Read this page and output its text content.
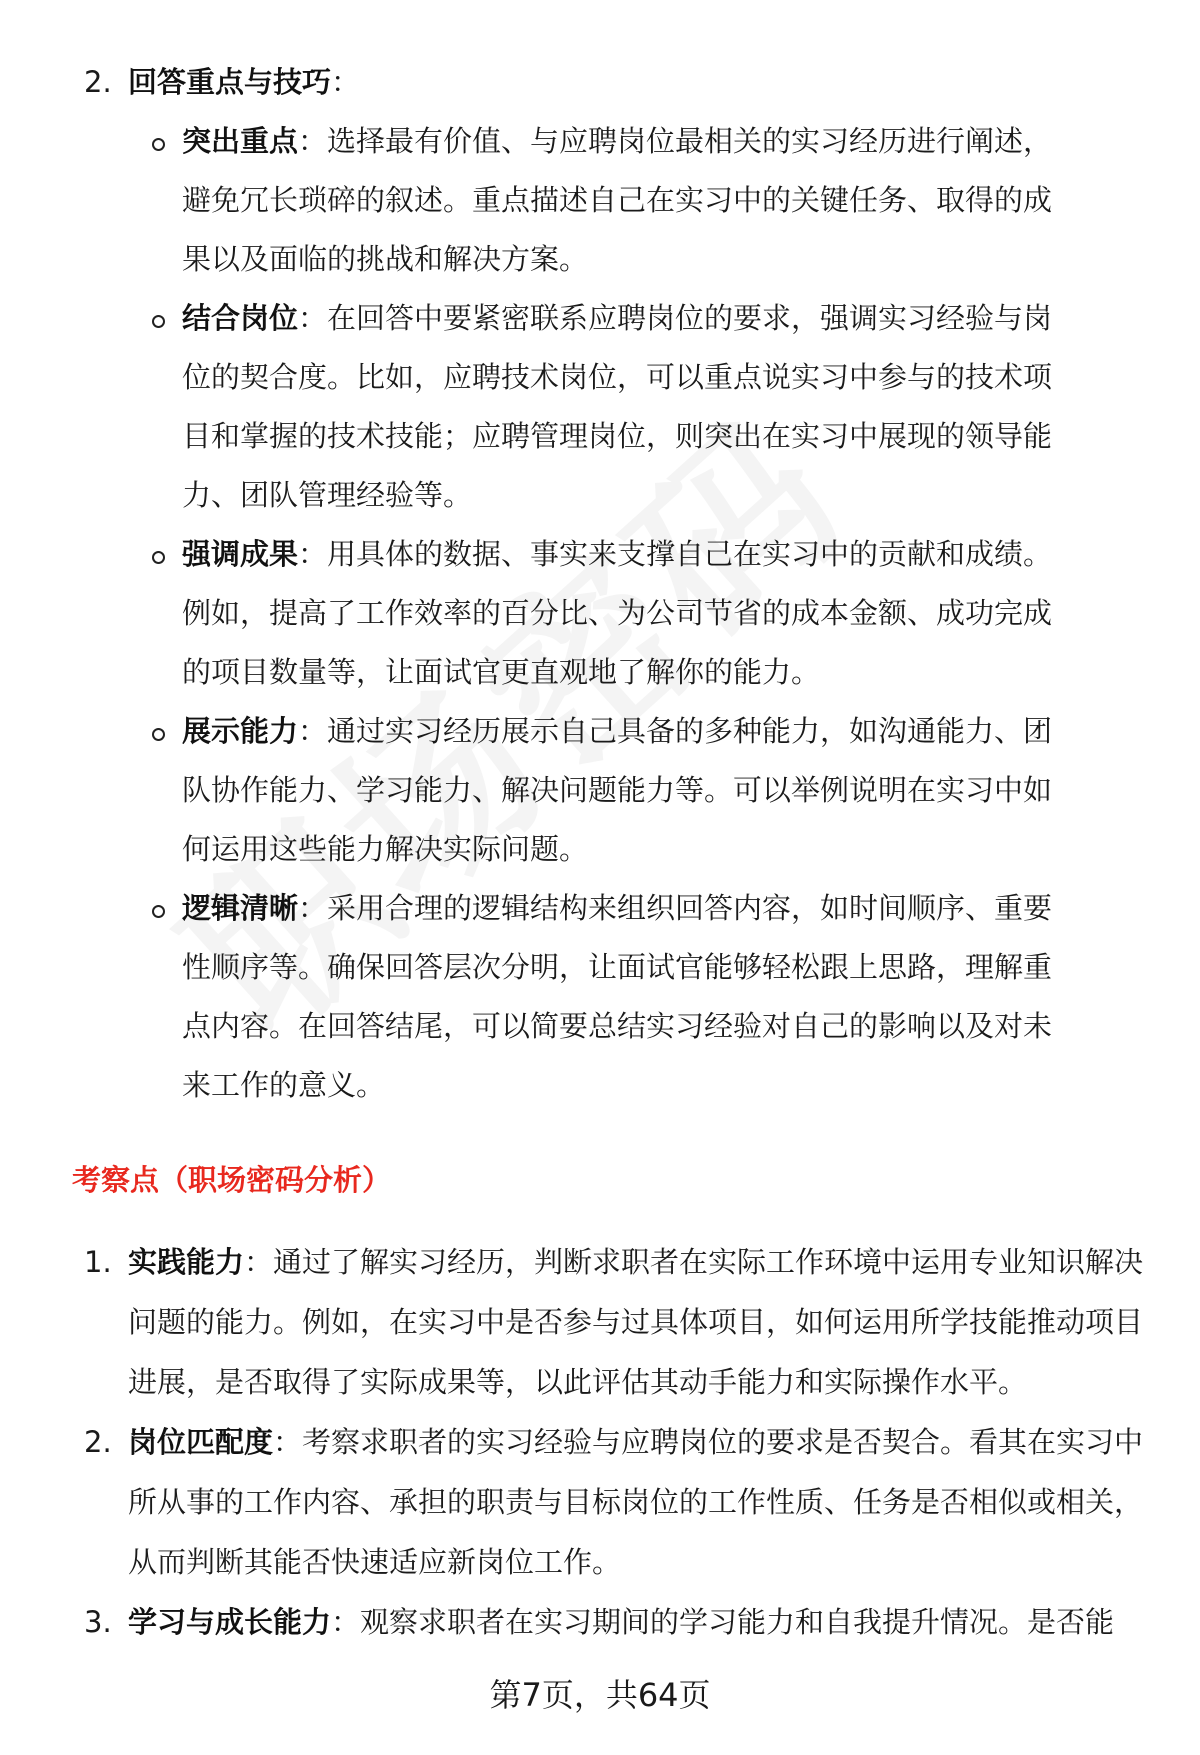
2. 回答重点与技巧：
突出重点：选择最有价值、与应聘岗位最相关的实习经历进行阐述，避免冗长琐碎的叙述。重点描述自己在实习中的关键任务、取得的成果以及面临的挑战和解决方案。
结合岗位：在回答中要紧密联系应聘岗位的要求，强调实习经验与岗位的契合度。比如，应聘技术岗位，可以重点说实习中参与的技术项目和掌握的技术技能；应聘管理岗位，则突出在实习中展现的领导能力、团队管理经验等。
强调成果：用具体的数据、事实来支撑自己在实习中的贡献和成绩。例如，提高了工作效率的百分比、为公司节省的成本金额、成功完成的项目数量等，让面试官更直观地了解你的能力。
展示能力：通过实习经历展示自己具备的多种能力，如沟通能力、团队协作能力、学习能力、解决问题能力等。可以举例说明在实习中如何运用这些能力解决实际问题。
逻辑清晰：采用合理的逻辑结构来组织回答内容，如时间顺序、重要性顺序等。确保回答层次分明，让面试官能够轻松跟上思路，理解重点内容。在回答结尾，可以简要总结实习经验对自己的影响以及对未来工作的意义。
考察点（职场密码分析）
1. 实践能力：通过了解实习经历，判断求职者在实际工作环境中运用专业知识解决问题的能力。例如，在实习中是否参与过具体项目，如何运用所学技能推动项目进展，是否取得了实际成果等，以此评估其动手能力和实际操作水平。
2. 岗位匹配度：考察求职者的实习经验与应聘岗位的要求是否契合。看其在实习中所从事的工作内容、承担的职责与目标岗位的工作性质、任务是否相似或相关，从而判断其能否快速适应新岗位工作。
3. 学习与成长能力：观察求职者在实习期间的学习能力和自我提升情况。是否能
第7页，共64页
